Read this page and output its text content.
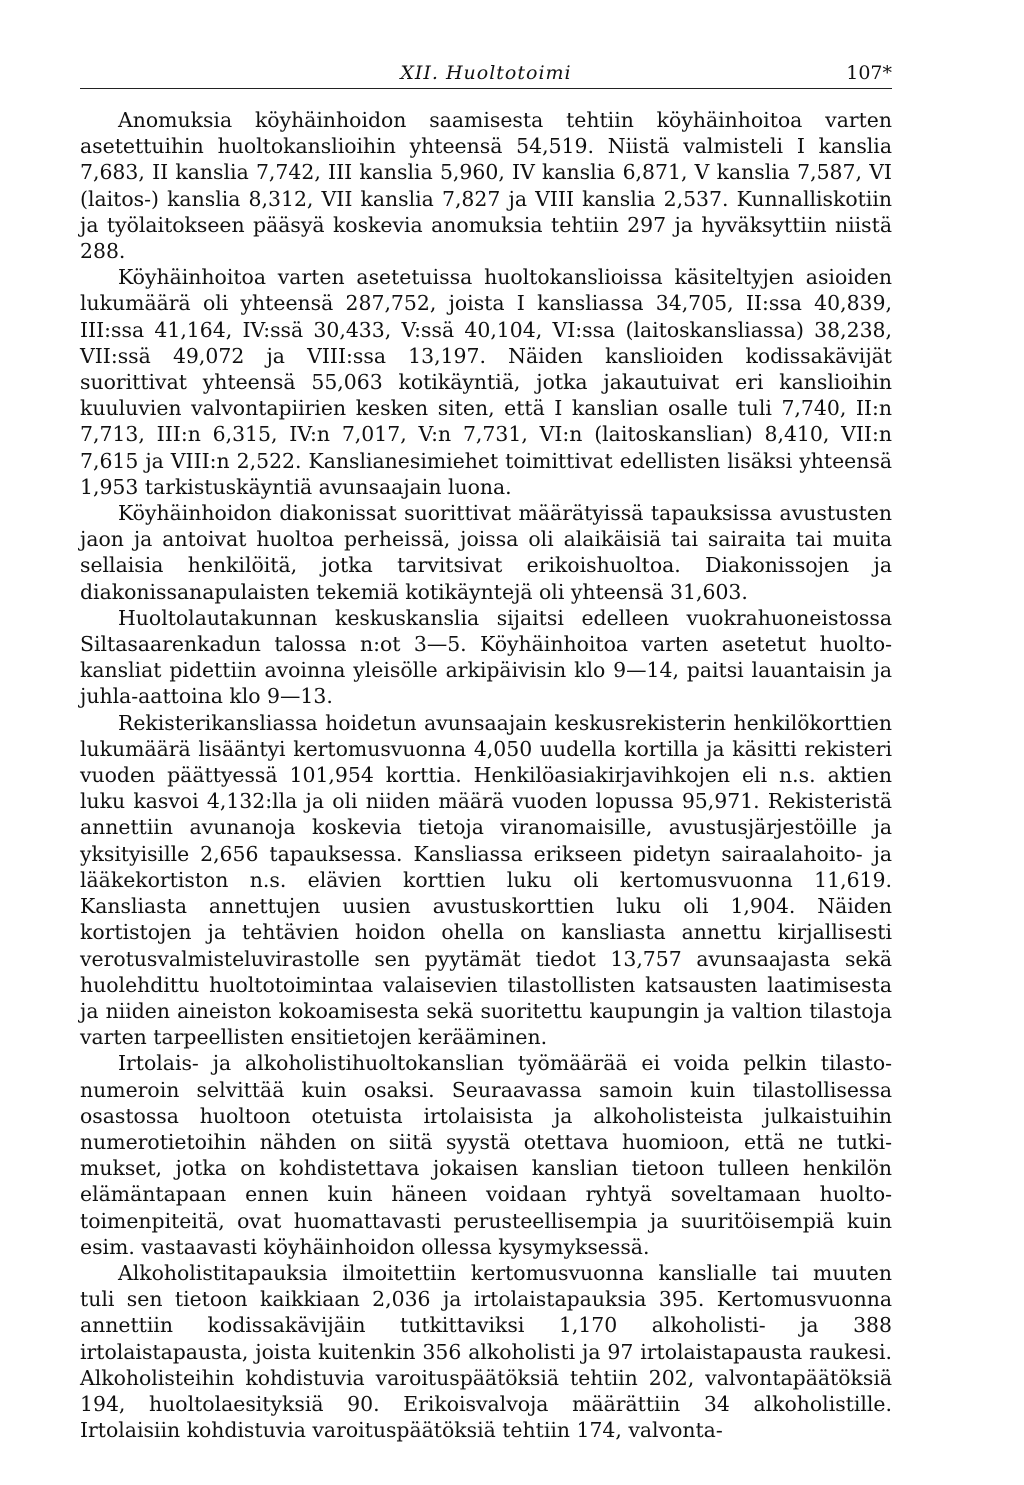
XII. Huoltotoimi	107*

Anomuksia köyhäinhoidon saamisesta tehtiin köyhäinhoitoa varten asetettuihin huoltokanslioihin yhteensä 54,519. Niistä valmisteli I kanslia 7,683, II kanslia 7,742, III kanslia 5,960, IV kanslia 6,871, V kanslia 7,587, VI (laitos-) kanslia 8,312, VII kanslia 7,827 ja VIII kanslia 2,537. Kunnalliskotiin ja työlaitokseen pääsyä koskevia anomuksia tehtiin 297 ja hyväksyttiin niistä 288.

Köyhäinhoitoa varten asetetuissa huoltokanslioissa käsiteltyjen asioiden lukumäärä oli yhteensä 287,752, joista I kansliassa 34,705, II:ssa 40,839, III:ssa 41,164, IV:ssä 30,433, V:ssä 40,104, VI:ssa (laitoskansliassa) 38,238, VII:ssä 49,072 ja VIII:ssa 13,197. Näiden kanslioiden kodissakävijät suorittivat yhteensä 55,063 kotikäyntiä, jotka jakautuivat eri kanslioihin kuuluvien valvontapiirien kesken siten, että I kanslian osalle tuli 7,740, II:n 7,713, III:n 6,315, IV:n 7,017, V:n 7,731, VI:n (laitoskanslian) 8,410, VII:n 7,615 ja VIII:n 2,522. Kanslianesimiehet toimittivat edellisten lisäksi yhteensä 1,953 tarkistuskäyntiä avunsaajain luona.

Köyhäinhoidon diakonissat suorittivat määrätyissä tapauksissa avustusten jaon ja antoivat huoltoa perheissä, joissa oli alaikäisiä tai sairaita tai muita sellaisia henkilöitä, jotka tarvitsivat erikoishuoltoa. Diakonissojen ja diakonissanapulaisten tekemiä kotikäyntejä oli yhteensä 31,603.

Huoltolautakunnan keskuskanslia sijaitsi edelleen vuokrahuoneistossa Siltasaarenkadun talossa n:ot 3—5. Köyhäinhoitoa varten asetetut huoltokansliat pidettiin avoinna yleisölle arkipäivisin klo 9—14, paitsi lauantaisin ja juhla-aattoina klo 9—13.

Rekisterikansliassa hoidetun avunsaajain keskusrekisterin henkilökorttien lukumäärä lisääntyi kertomusvuonna 4,050 uudella kortilla ja käsitti rekisteri vuoden päättyessä 101,954 korttia. Henkilöasiakirjavihkojen eli n.s. aktien luku kasvoi 4,132:lla ja oli niiden määrä vuoden lopussa 95,971. Rekisteristä annettiin avunanoja koskevia tietoja viranomaisille, avustusjärjestöille ja yksityisille 2,656 tapauksessa. Kansliassa erikseen pidetyn sairaalahoito- ja lääkekortiston n.s. elävien korttien luku oli kertomusvuonna 11,619. Kansliasta annettujen uusien avustuskorttien luku oli 1,904. Näiden kortistojen ja tehtävien hoidon ohella on kansliasta annettu kirjallisesti verotusvalmisteluvirastolle sen pyytämät tiedot 13,757 avunsaajasta sekä huolehdittu huoltotoimintaa valaisevien tilastollisten katsausten laatimisesta ja niiden aineiston kokoamisesta sekä suoritettu kaupungin ja valtion tilastoja varten tarpeellisten ensitietojen kerääminen.

Irtolais- ja alkoholistihuoltokanslian työmäärää ei voida pelkin tilastonumeroin selvittää kuin osaksi. Seuraavassa samoin kuin tilastollisessa osastossa huoltoon otetuista irtolaisista ja alkoholisteista julkaistuihin numerotietoihin nähden on siitä syystä otettava huomioon, että ne tutkimukset, jotka on kohdistettava jokaisen kanslian tietoon tulleen henkilön elämäntapaan ennen kuin häneen voidaan ryhtyä soveltamaan huoltotoimenpiteitä, ovat huomattavasti perusteellisempia ja suuritöisempiä kuin esim. vastaavasti köyhäinhoidon ollessa kysymyksessä.

Alkoholistitapauksia ilmoitettiin kertomusvuonna kanslialle tai muuten tuli sen tietoon kaikkiaan 2,036 ja irtolaistapauksia 395. Kertomusvuonna annettiin kodissakävijäin tutkittaviksi 1,170 alkoholisti- ja 388 irtolaistapausta, joista kuitenkin 356 alkoholisti ja 97 irtolaistapausta raukesi. Alkoholisteihin kohdistuvia varoituspäätöksiä tehtiin 202, valvontapäätöksiä 194, huoltolaesityksiä 90. Erikoisvalvoja määrättiin 34 alkoholistille. Irtolaisiin kohdistuvia varoituspäätöksiä tehtiin 174, valvonta-
